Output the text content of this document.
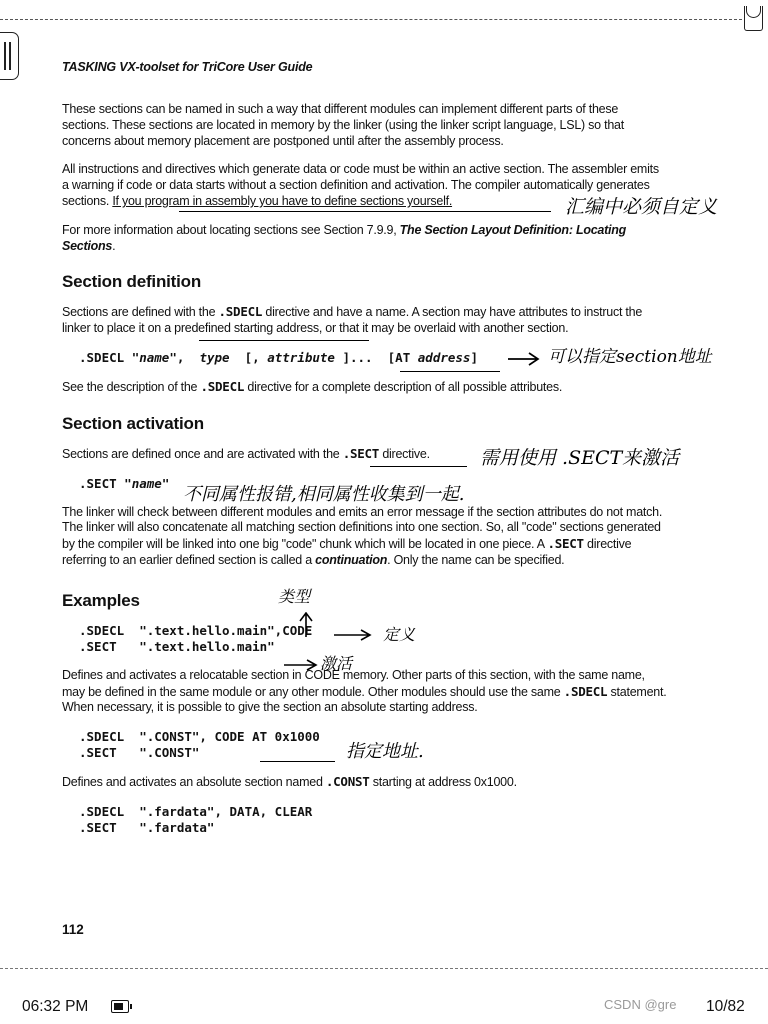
TASKING VX-toolset for TriCore User Guide

These sections can be named in such a way that different modules can implement different parts of these sections. These sections are located in memory by the linker (using the linker script language, LSL) so that concerns about memory placement are postponed until after the assembly process.

All instructions and directives which generate data or code must be within an active section. The assembler emits a warning if code or data starts without a section definition and activation. The compiler automatically generates sections. If you program in assembly you have to define sections yourself.

For more information about locating sections see Section 7.9.9, The Section Layout Definition: Locating Sections.

Section definition

Sections are defined with the .SDECL directive and have a name. A section may have attributes to instruct the linker to place it on a predefined starting address, or that it may be overlaid with another section.

.SDECL "name", type [, attribute ]... [AT address]

See the description of the .SDECL directive for a complete description of all possible attributes.

Section activation

Sections are defined once and are activated with the .SECT directive.

.SECT "name"

The linker will check between different modules and emits an error message if the section attributes do not match. The linker will also concatenate all matching section definitions into one section. So, all "code" sections generated by the compiler will be linked into one big "code" chunk which will be located in one piece. A .SECT directive referring to an earlier defined section is called a continuation. Only the name can be specified.

Examples
.SDECL  ".text.hello.main",CODE
.SECT   ".text.hello.main"

Defines and activates a relocatable section in CODE memory. Other parts of this section, with the same name, may be defined in the same module or any other module. Other modules should use the same .SDECL statement. When necessary, it is possible to give the section an absolute starting address.

.SDECL  ".CONST", CODE AT 0x1000
.SECT   ".CONST"

Defines and activates an absolute section named .CONST starting at address 0x1000.

.SDECL  ".fardata", DATA, CLEAR
.SECT   ".fardata"
汇编中必须自定义
可以指定section地址
需用使用 .SECT来激活
不同属性报错,相同属性收集到一起.
类型
定义
激活
指定地址.
112
06:32 PM	CSDN @gre 10/82
